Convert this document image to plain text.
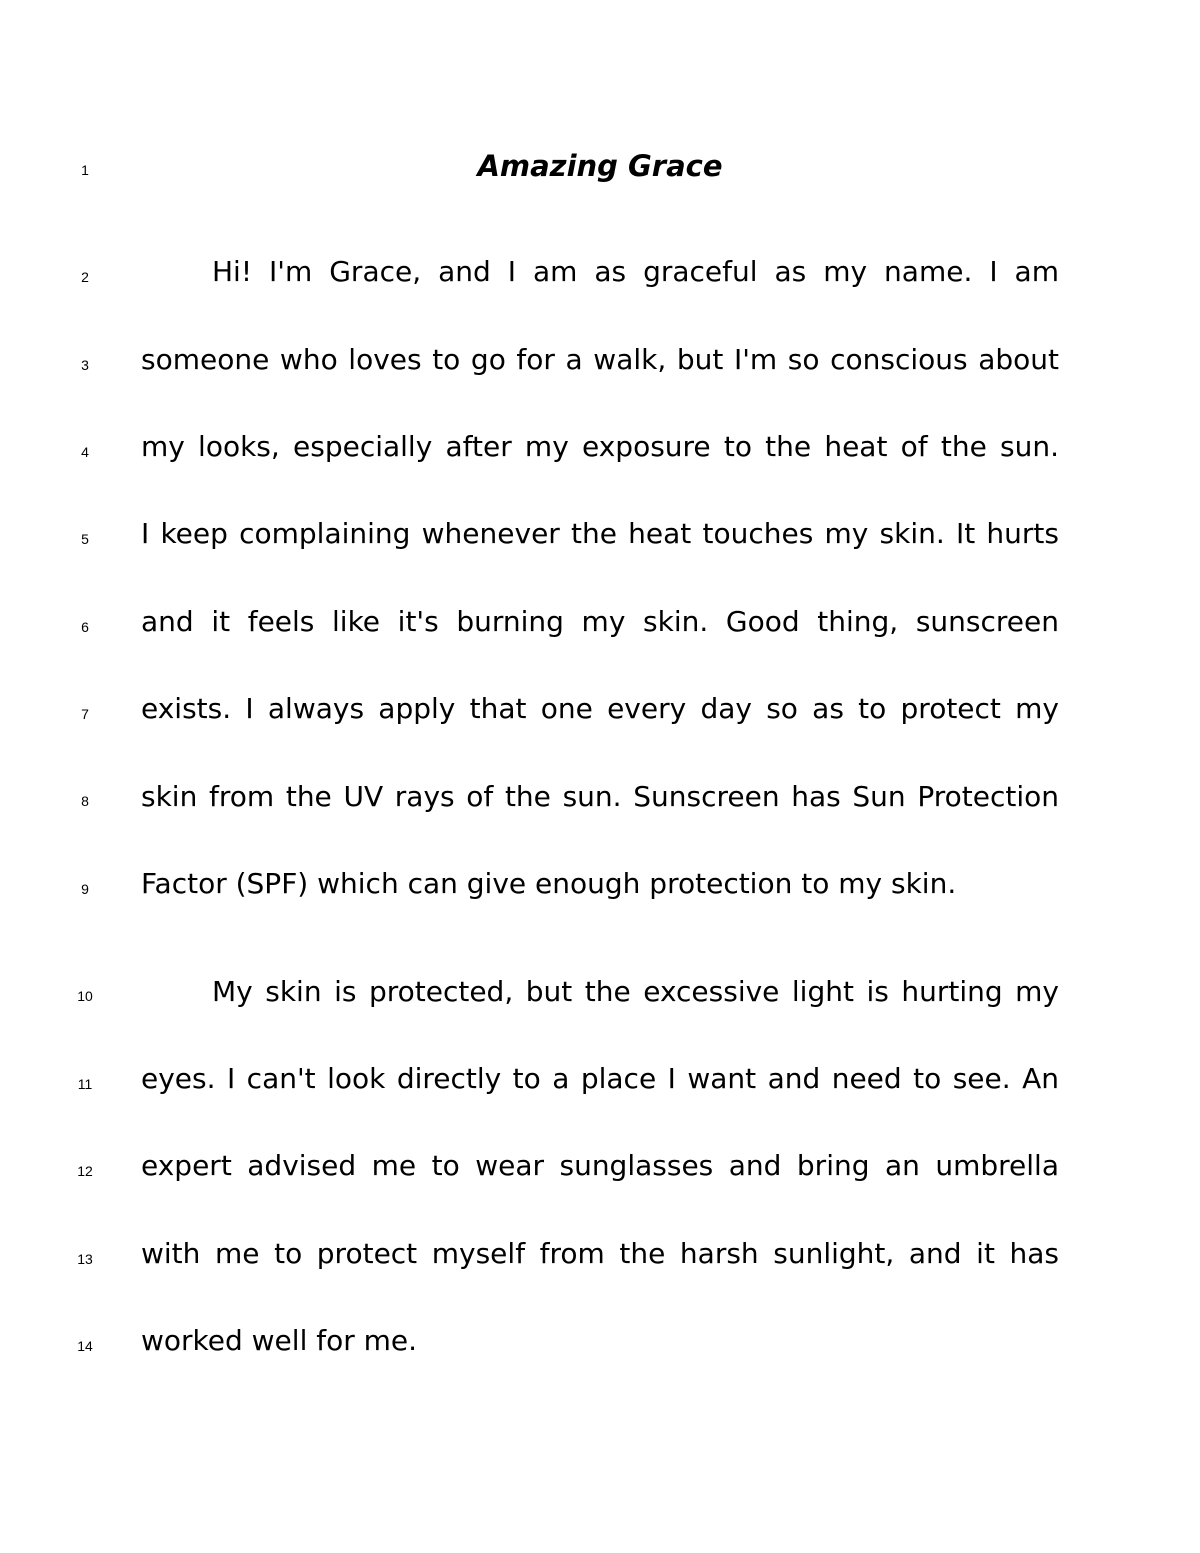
1
2
3
4
5
6
7
8
9
10
11
12
13
14
Amazing Grace
Hi! I'm Grace, and I am as graceful as my name. I am
someone who loves to go for a walk, but I'm so conscious about
my looks, especially after my exposure to the heat of the sun.
I keep complaining whenever the heat touches my skin. It hurts
and it feels like it's burning my skin. Good thing, sunscreen
exists. I always apply that one every day so as to protect my
skin from the UV rays of the sun. Sunscreen has Sun Protection
Factor (SPF) which can give enough protection to my skin.
My skin is protected, but the excessive light is hurting my
eyes. I can't look directly to a place I want and need to see. An
expert advised me to wear sunglasses and bring an umbrella
with me to protect myself from the harsh sunlight, and it has
worked well for me.
